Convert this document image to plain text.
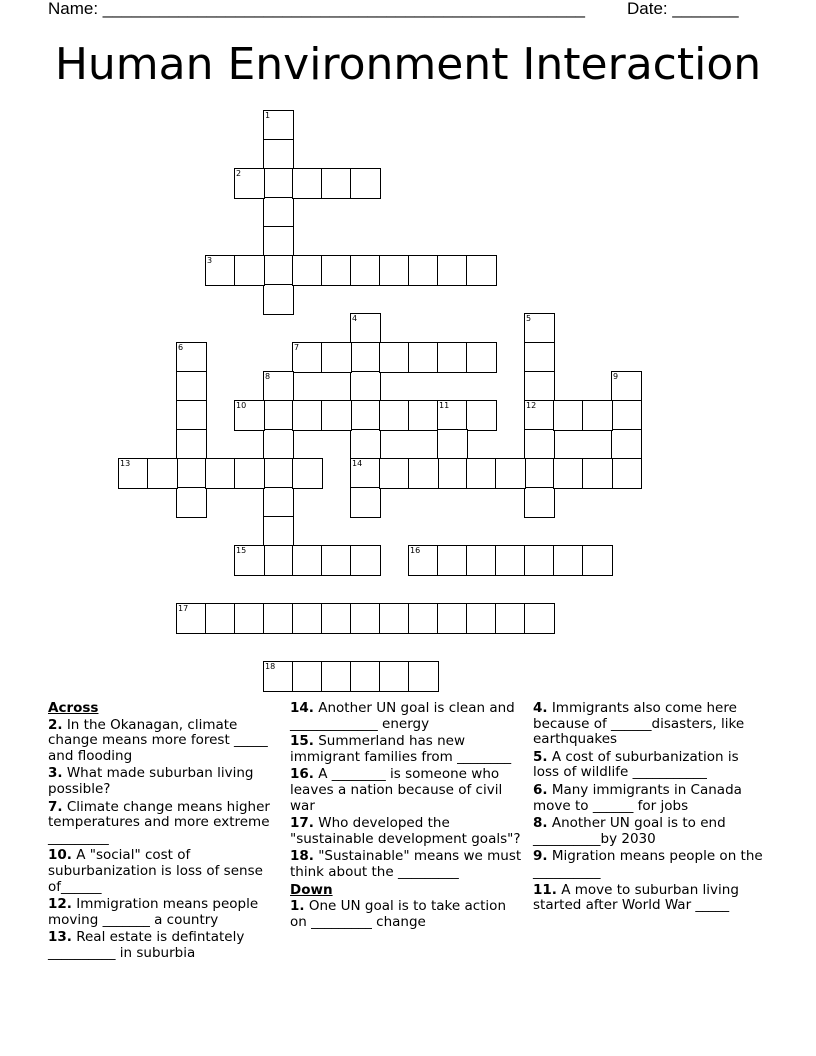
Name: ___________________________________________________ Date: _______
Human Environment Interaction
1
2
3
4
14
5
12
6	7
8	9
10	11
13
15	16
17
18
Across
2. In the Okanagan, climate change means more forest _____ and flooding
3. What made suburban living possible?
7. Climate change means higher temperatures and more extreme _________
10. A "social" cost of suburbanization is loss of sense of______
12. Immigration means people moving _______ a country
13. Real estate is defintately __________ in suburbia
14. Another UN goal is clean and _____________ energy
15. Summerland has new immigrant families from ________
16. A ________ is someone who leaves a nation because of civil war
17. Who developed the "sustainable development goals"?
18. "Sustainable" means we must think about the _________
Down
1. One UN goal is to take action on _________ change
4. Immigrants also come here because of ______disasters, like earthquakes
5. A cost of suburbanization is loss of wildlife ___________
6. Many immigrants in Canada move to ______ for jobs
8. Another UN goal is to end __________by 2030
9. Migration means people on the __________
11. A move to suburban living started after World War _____
